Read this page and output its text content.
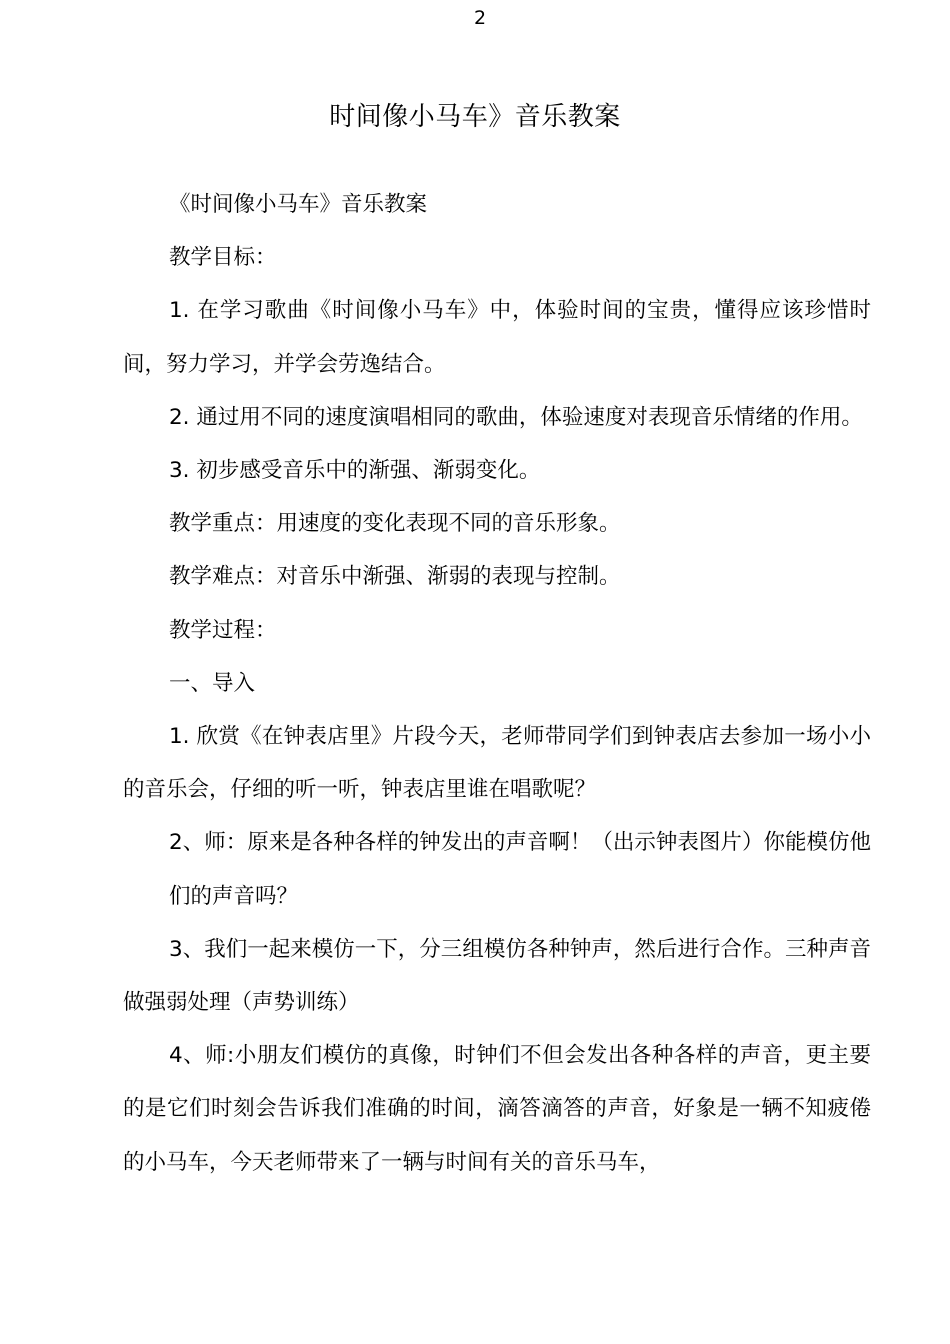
2
时间像小马车》音乐教案

《时间像小马车》音乐教案

教学目标：

1. 在学习歌曲《时间像小马车》中，体验时间的宝贵，懂得应该珍惜时间，努力学习，并学会劳逸结合。

2. 通过用不同的速度演唱相同的歌曲，体验速度对表现音乐情绪的作用。

3. 初步感受音乐中的渐强、渐弱变化。

教学重点：用速度的变化表现不同的音乐形象。

教学难点：对音乐中渐强、渐弱的表现与控制。

教学过程：

一、导入

1. 欣赏《在钟表店里》片段今天，老师带同学们到钟表店去参加一场小小的音乐会，仔细的听一听，钟表店里谁在唱歌呢？

2、师：原来是各种各样的钟发出的声音啊！（出示钟表图片）你能模仿他们的声音吗？

3、我们一起来模仿一下，分三组模仿各种钟声，然后进行合作。三种声音做强弱处理（声势训练）

4、师:小朋友们模仿的真像，时钟们不但会发出各种各样的声音，更主要的是它们时刻会告诉我们准确的时间，滴答滴答的声音，好象是一辆不知疲倦的小马车，今天老师带来了一辆与时间有关的音乐马车，
